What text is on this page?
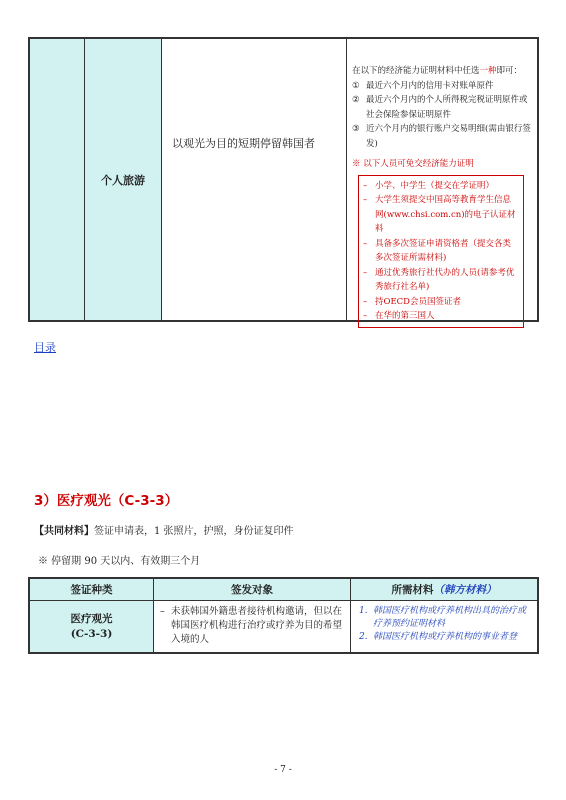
个人旅游
以观光为目的短期停留韩国者
在以下的经济能力证明材料中任选一种即可：
① 最近六个月内的信用卡对账单原件
② 最近六个月内的个人所得税完税证明原件或社会保险参保证明原件
③ 近六个月内的银行账户交易明细(需由银行签发)
※ 以下人员可免交经济能力证明
– 小学、中学生（提交在学证明）
– 大学生须提交中国高等教育学生信息网(www.chsi.com.cn)的电子认证材料
– 具备多次签证申请资格者（提交各类多次签证所需材料)
– 通过优秀旅行社代办的人员(请参考优秀旅行社名单)
– 持OECD会员国签证者
– 在华的第三国人
目录
3）医疗观光（C-3-3）
【共同材料】签证申请表，1 张照片，护照，身份证复印件
※ 停留期 90 天以内、有效期三个月
签证种类	签发对象	所需材料 （韩方材料）
医疗观光
(C-3-3)
– 未获韩国外籍患者接待机构邀请，但以在韩国医疗机构进行治疗或疗养为目的希望入境的人
1. 韩国医疗机构或疗养机构出具的治疗或疗养预约证明材料
2. 韩国医疗机构或疗养机构的事业者登
- 7 -
